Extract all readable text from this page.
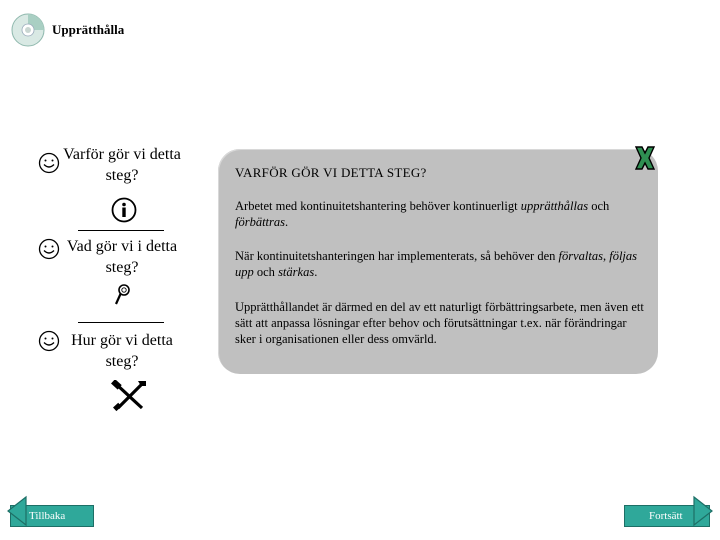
Upprätthålla
Varför gör vi detta steg?
Vad gör vi i detta steg?
Hur gör vi detta steg?
VARFÖR GÖR VI DETTA STEG?
Arbetet med kontinuitetshantering behöver kontinuerligt upprätthållas och förbättras.
När kontinuitetshanteringen har implementerats, så behöver den förvaltas, följas upp och stärkas.
Upprätthållandet är därmed en del av ett naturligt förbättringsarbete, men även ett sätt att anpassa lösningar efter behov och förutsättningar t.ex. när förändringar sker i organisationen eller dess omvärld.
Tillbaka	Fortsätt
